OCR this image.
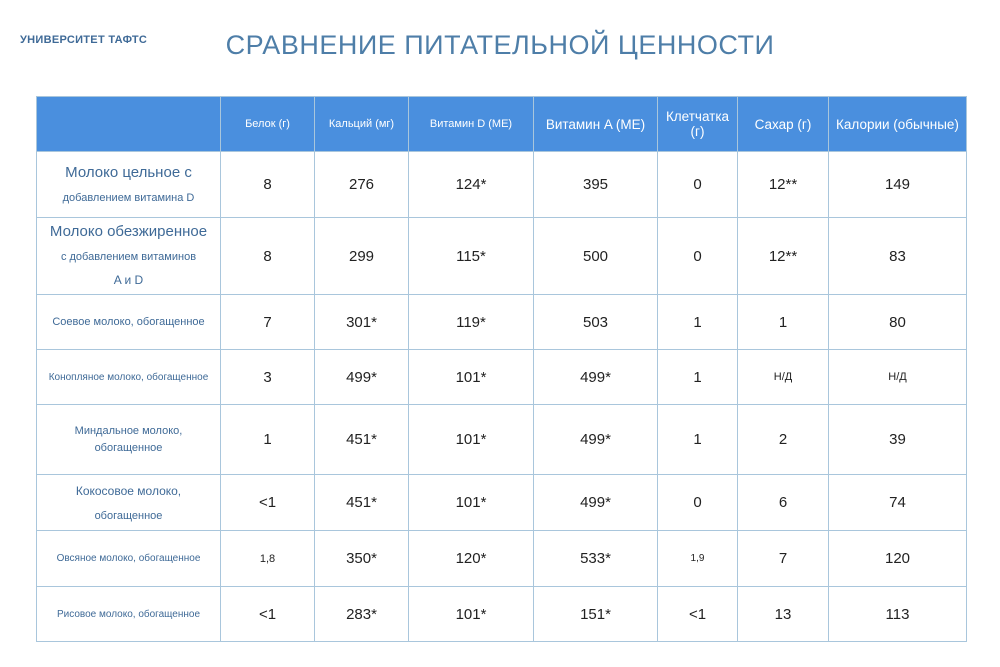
УНИВЕРСИТЕТ ТАФТС	СРАВНЕНИЕ ПИТАТЕЛЬНОЙ ЦЕННОСТИ
	Белок (г)	Кальций (мг)	Витамин D (МЕ)	Витамин A (МЕ)	Клетчатка (г)	Сахар (г)	Калории (обычные)
Молоко цельное с
добавлением витамина D	8	276	124*	395	0	12**	149
Молоко обезжиренное
с добавлением витаминов
A и D	8	299	115*	500	0	12**	83
Соевое молоко, обогащенное	7	301*	119*	503	1	1	80
Конопляное молоко, обогащенное	3	499*	101*	499*	1	Н/Д	Н/Д
Миндальное молоко,
обогащенное	1	451*	101*	499*	1	2	39
Кокосовое молоко,
обогащенное	<1	451*	101*	499*	0	6	74
Овсяное молоко, обогащенное	1,8	350*	120*	533*	1,9	7	120
Рисовое молоко, обогащенное	<1	283*	101*	151*	<1	13	113
